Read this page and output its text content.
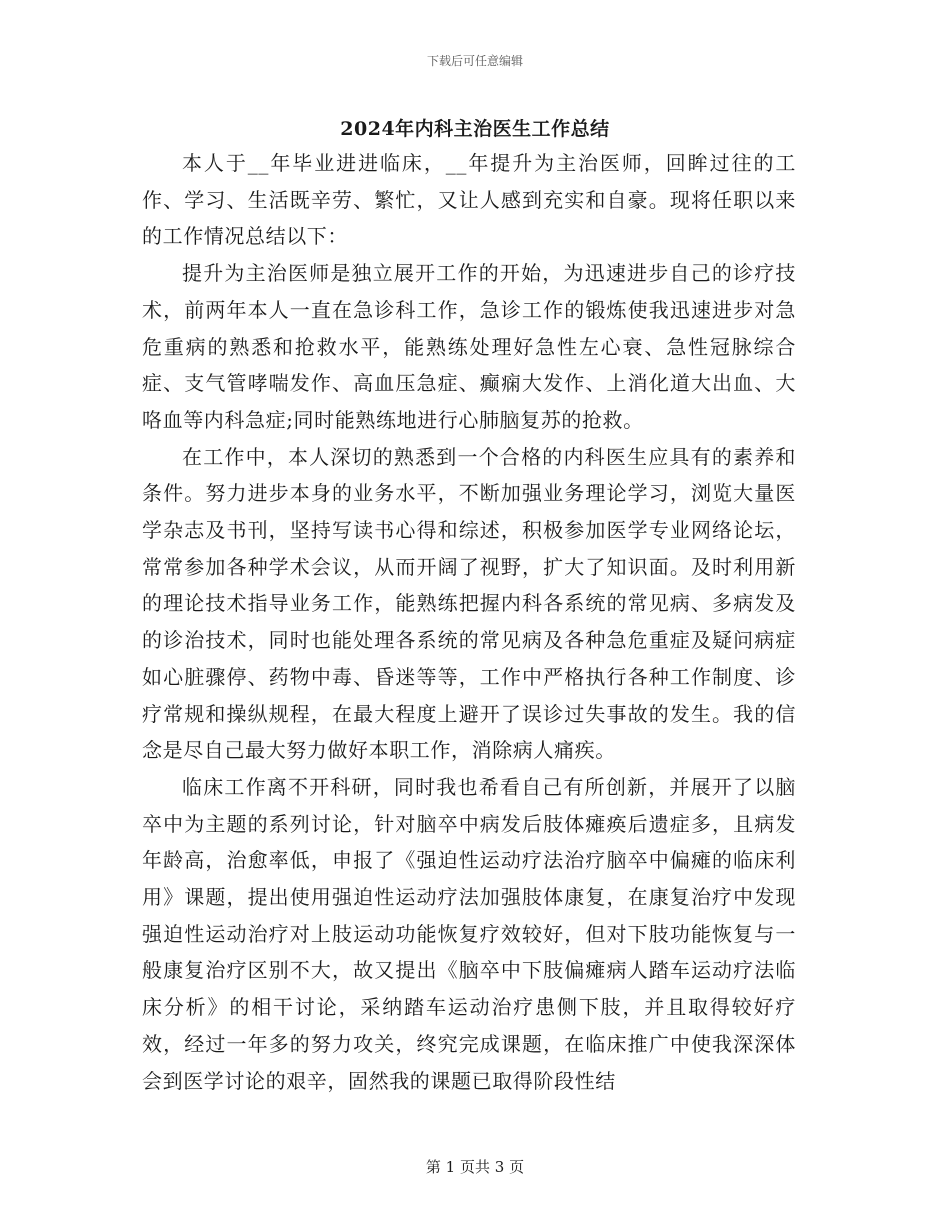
下载后可任意编辑
2024年内科主治医生工作总结

本人于__年毕业进进临床，__年提升为主治医师，回眸过往的工作、学习、生活既辛劳、繁忙，又让人感到充实和自豪。现将任职以来的工作情况总结以下：

提升为主治医师是独立展开工作的开始，为迅速进步自己的诊疗技术，前两年本人一直在急诊科工作，急诊工作的锻炼使我迅速进步对急危重病的熟悉和抢救水平，能熟练处理好急性左心衰、急性冠脉综合症、支气管哮喘发作、高血压急症、癫痫大发作、上消化道大出血、大咯血等内科急症;同时能熟练地进行心肺脑复苏的抢救。

在工作中，本人深切的熟悉到一个合格的内科医生应具有的素养和条件。努力进步本身的业务水平，不断加强业务理论学习，浏览大量医学杂志及书刊，坚持写读书心得和综述，积极参加医学专业网络论坛，常常参加各种学术会议，从而开阔了视野，扩大了知识面。及时利用新的理论技术指导业务工作，能熟练把握内科各系统的常见病、多病发及的诊治技术，同时也能处理各系统的常见病及各种急危重症及疑问病症如心脏骤停、药物中毒、昏迷等等，工作中严格执行各种工作制度、诊疗常规和操纵规程，在最大程度上避开了误诊过失事故的发生。我的信念是尽自己最大努力做好本职工作，消除病人痛疾。

临床工作离不开科研，同时我也希看自己有所创新，并展开了以脑卒中为主题的系列讨论，针对脑卒中病发后肢体瘫痪后遗症多，且病发年龄高，治愈率低，申报了《强迫性运动疗法治疗脑卒中偏瘫的临床利用》课题，提出使用强迫性运动疗法加强肢体康复，在康复治疗中发现强迫性运动治疗对上肢运动功能恢复疗效较好，但对下肢功能恢复与一般康复治疗区别不大，故又提出《脑卒中下肢偏瘫病人踏车运动疗法临床分析》的相干讨论，采纳踏车运动治疗患侧下肢，并且取得较好疗效，经过一年多的努力攻关，终究完成课题，在临床推广中使我深深体会到医学讨论的艰辛，固然我的课题已取得阶段性结

第 1 页共 3 页
